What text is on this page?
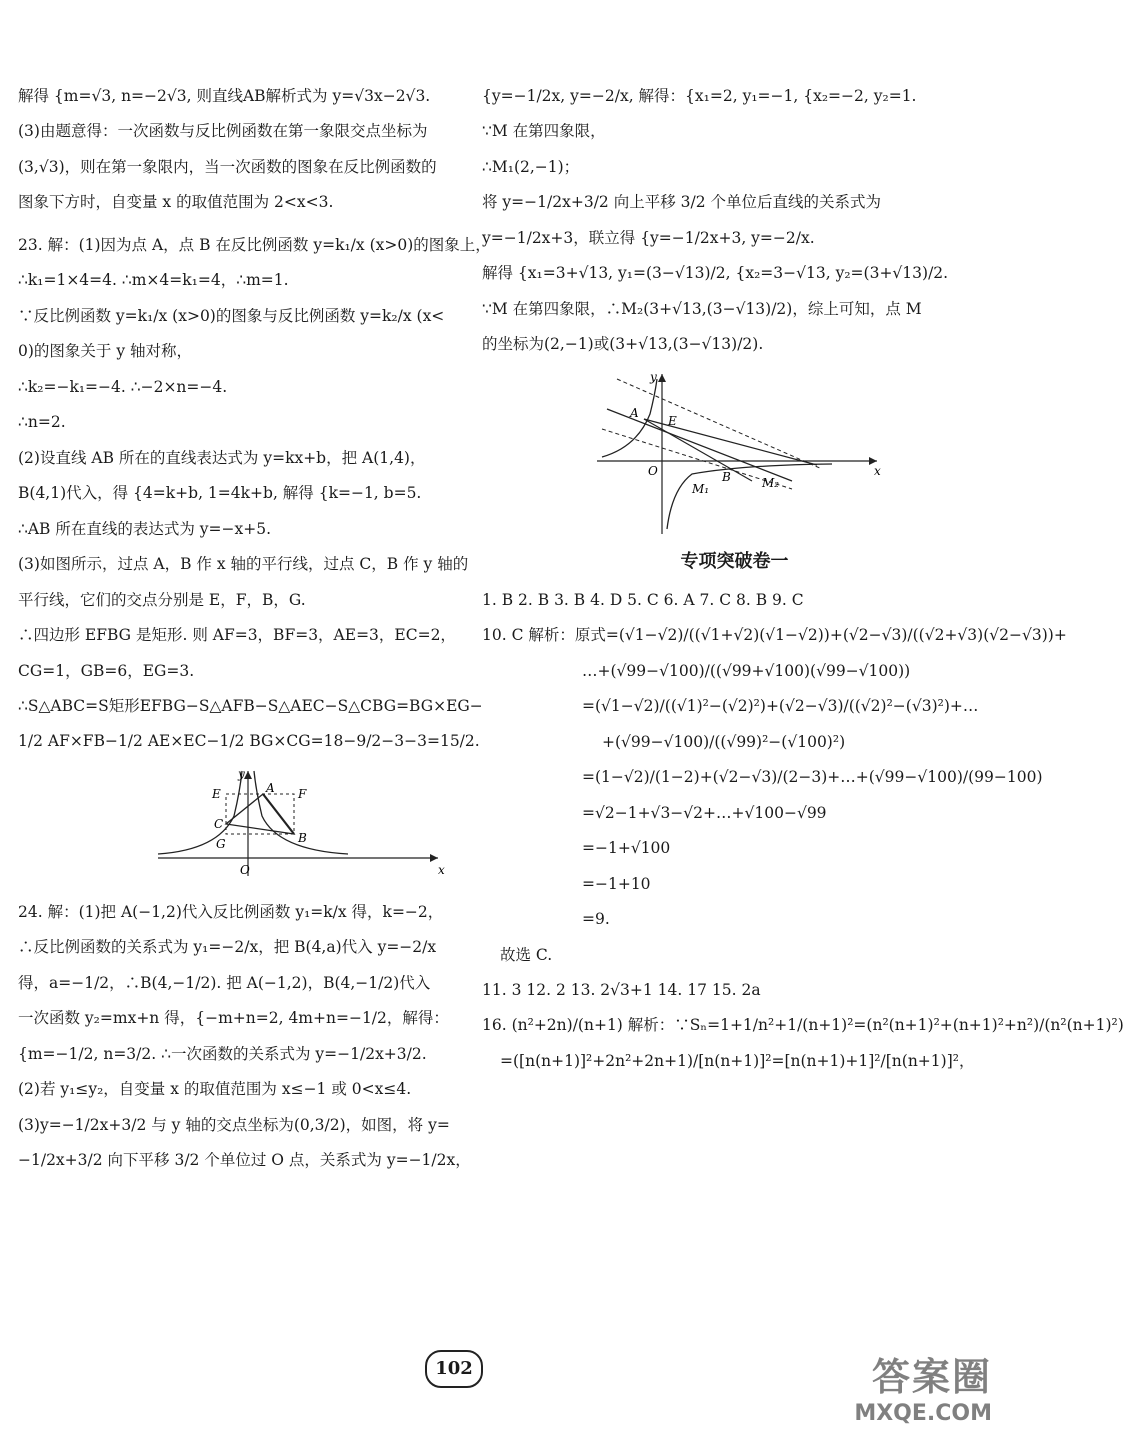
解得 {m=√3, n=−2√3, 则直线AB解析式为 y=√3x−2√3.
(3)由题意得：一次函数与反比例函数在第一象限交点坐标为
(3,√3)，则在第一象限内，当一次函数的图象在反比例函数的
图象下方时，自变量 x 的取值范围为 2<x<3.
23. 解：(1)因为点 A，点 B 在反比例函数 y=k₁/x (x>0)的图象上，
∴k₁=1×4=4. ∴m×4=k₁=4，∴m=1.
∵反比例函数 y=k₁/x (x>0)的图象与反比例函数 y=k₂/x (x<
0)的图象关于 y 轴对称，
∴k₂=−k₁=−4. ∴−2×n=−4.
∴n=2.
(2)设直线 AB 所在的直线表达式为 y=kx+b，把 A(1,4)，
B(4,1)代入，得 {4=k+b, 1=4k+b, 解得 {k=−1, b=5.
∴AB 所在直线的表达式为 y=−x+5.
(3)如图所示，过点 A，B 作 x 轴的平行线，过点 C，B 作 y 轴的
平行线，它们的交点分别是 E，F，B，G.
∴四边形 EFBG 是矩形. 则 AF=3，BF=3，AE=3，EC=2，
CG=1，GB=6，EG=3.
∴S△ABC=S矩形EFBG−S△AFB−S△AEC−S△CBG=BG×EG−
1/2 AF×FB−1/2 AE×EC−1/2 BG×CG=18−9/2−3−3=15/2.
y
E	A F
C
B
G
O	x
24. 解：(1)把 A(−1,2)代入反比例函数 y₁=k/x 得，k=−2，
∴反比例函数的关系式为 y₁=−2/x，把 B(4,a)代入 y=−2/x
得，a=−1/2，∴B(4,−1/2). 把 A(−1,2)，B(4,−1/2)代入
一次函数 y₂=mx+n 得，{−m+n=2, 4m+n=−1/2，解得：
{m=−1/2, n=3/2. ∴一次函数的关系式为 y=−1/2x+3/2.
(2)若 y₁≤y₂，自变量 x 的取值范围为 x≤−1 或 0<x≤4.
(3)y=−1/2x+3/2 与 y 轴的交点坐标为(0,3/2)，如图，将 y=
−1/2x+3/2 向下平移 3/2 个单位过 O 点，关系式为 y=−1/2x，
{y=−1/2x, y=−2/x, 解得：{x₁=2, y₁=−1, {x₂=−2, y₂=1.
∵M 在第四象限，
∴M₁(2,−1)；
将 y=−1/2x+3/2 向上平移 3/2 个单位后直线的关系式为
y=−1/2x+3，联立得 {y=−1/2x+3, y=−2/x.
解得 {x₁=3+√13, y₁=(3−√13)/2, {x₂=3−√13, y₂=(3+√13)/2.
∵M 在第四象限，∴M₂(3+√13,(3−√13)/2)，综上可知，点 M
的坐标为(2,−1)或(3+√13,(3−√13)/2).
y
A
E
O	B
M₁	M₂
x
专项突破卷一
1. B 2. B 3. B 4. D 5. C 6. A 7. C 8. B 9. C
10. C 解析：原式=(√1−√2)/((√1+√2)(√1−√2))+(√2−√3)/((√2+√3)(√2−√3))+
…+(√99−√100)/((√99+√100)(√99−√100))
=(√1−√2)/((√1)²−(√2)²)+(√2−√3)/((√2)²−(√3)²)+…
+(√99−√100)/((√99)²−(√100)²)
=(1−√2)/(1−2)+(√2−√3)/(2−3)+…+(√99−√100)/(99−100)
=√2−1+√3−√2+…+√100−√99
=−1+√100
=−1+10
=9.
故选 C.
11. 3 12. 2 13. 2√3+1 14. 17 15. 2a
16. (n²+2n)/(n+1) 解析：∵Sₙ=1+1/n²+1/(n+1)²=(n²(n+1)²+(n+1)²+n²)/(n²(n+1)²)
=([n(n+1)]²+2n²+2n+1)/[n(n+1)]²=[n(n+1)+1]²/[n(n+1)]²，
102	答案圈
MXQE.COM
